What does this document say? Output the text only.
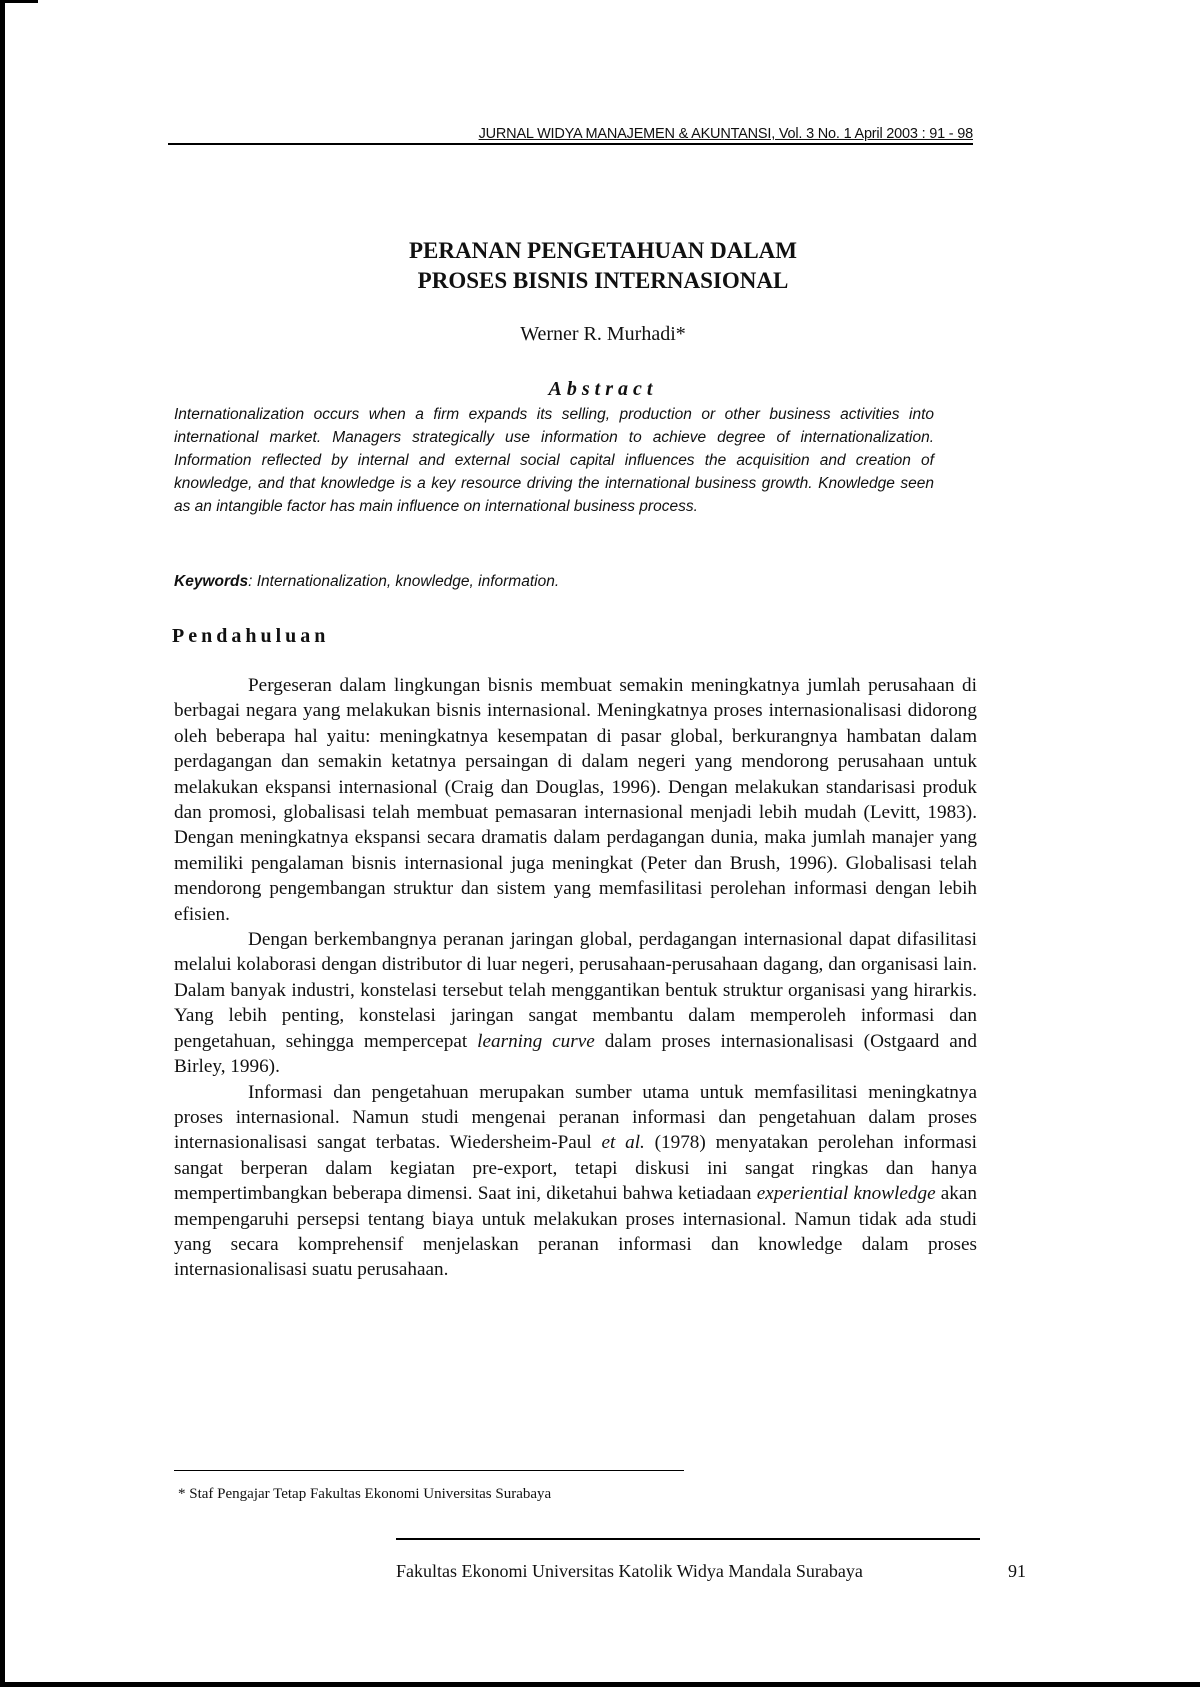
JURNAL WIDYA MANAJEMEN & AKUNTANSI, Vol. 3 No. 1 April 2003 : 91 - 98
PERANAN PENGETAHUAN DALAM
PROSES BISNIS INTERNASIONAL
Werner R. Murhadi*
Abstract
Internationalization occurs when a firm expands its selling, production or other business activities into international market. Managers strategically use information to achieve degree of internationalization. Information reflected by internal and external social capital influences the acquisition and creation of knowledge, and that knowledge is a key resource driving the international business growth. Knowledge seen as an intangible factor has main influence on international business process.
Keywords: Internationalization, knowledge, information.
Pendahuluan

Pergeseran dalam lingkungan bisnis membuat semakin meningkatnya jumlah perusahaan di berbagai negara yang melakukan bisnis internasional. Meningkatnya proses internasionalisasi didorong oleh beberapa hal yaitu: meningkatnya kesempatan di pasar global, berkurangnya hambatan dalam perdagangan dan semakin ketatnya persaingan di dalam negeri yang mendorong perusahaan untuk melakukan ekspansi internasional (Craig dan Douglas, 1996). Dengan melakukan standarisasi produk dan promosi, globalisasi telah membuat pemasaran internasional menjadi lebih mudah (Levitt, 1983). Dengan meningkatnya ekspansi secara dramatis dalam perdagangan dunia, maka jumlah manajer yang memiliki pengalaman bisnis internasional juga meningkat (Peter dan Brush, 1996). Globalisasi telah mendorong pengembangan struktur dan sistem yang memfasilitasi perolehan informasi dengan lebih efisien.

Dengan berkembangnya peranan jaringan global, perdagangan internasional dapat difasilitasi melalui kolaborasi dengan distributor di luar negeri, perusahaan-perusahaan dagang, dan organisasi lain. Dalam banyak industri, konstelasi tersebut telah menggantikan bentuk struktur organisasi yang hirarkis. Yang lebih penting, konstelasi jaringan sangat membantu dalam memperoleh informasi dan pengetahuan, sehingga mempercepat learning curve dalam proses internasionalisasi (Ostgaard and Birley, 1996).

Informasi dan pengetahuan merupakan sumber utama untuk memfasilitasi meningkatnya proses internasional. Namun studi mengenai peranan informasi dan pengetahuan dalam proses internasionalisasi sangat terbatas. Wiedersheim-Paul et al. (1978) menyatakan perolehan informasi sangat berperan dalam kegiatan pre-export, tetapi diskusi ini sangat ringkas dan hanya mempertimbangkan beberapa dimensi. Saat ini, diketahui bahwa ketiadaan experiential knowledge akan mempengaruhi persepsi tentang biaya untuk melakukan proses internasional. Namun tidak ada studi yang secara komprehensif menjelaskan peranan informasi dan knowledge dalam proses internasionalisasi suatu perusahaan.

* Staf Pengajar Tetap Fakultas Ekonomi Universitas Surabaya
Fakultas Ekonomi Universitas Katolik Widya Mandala Surabaya	91
